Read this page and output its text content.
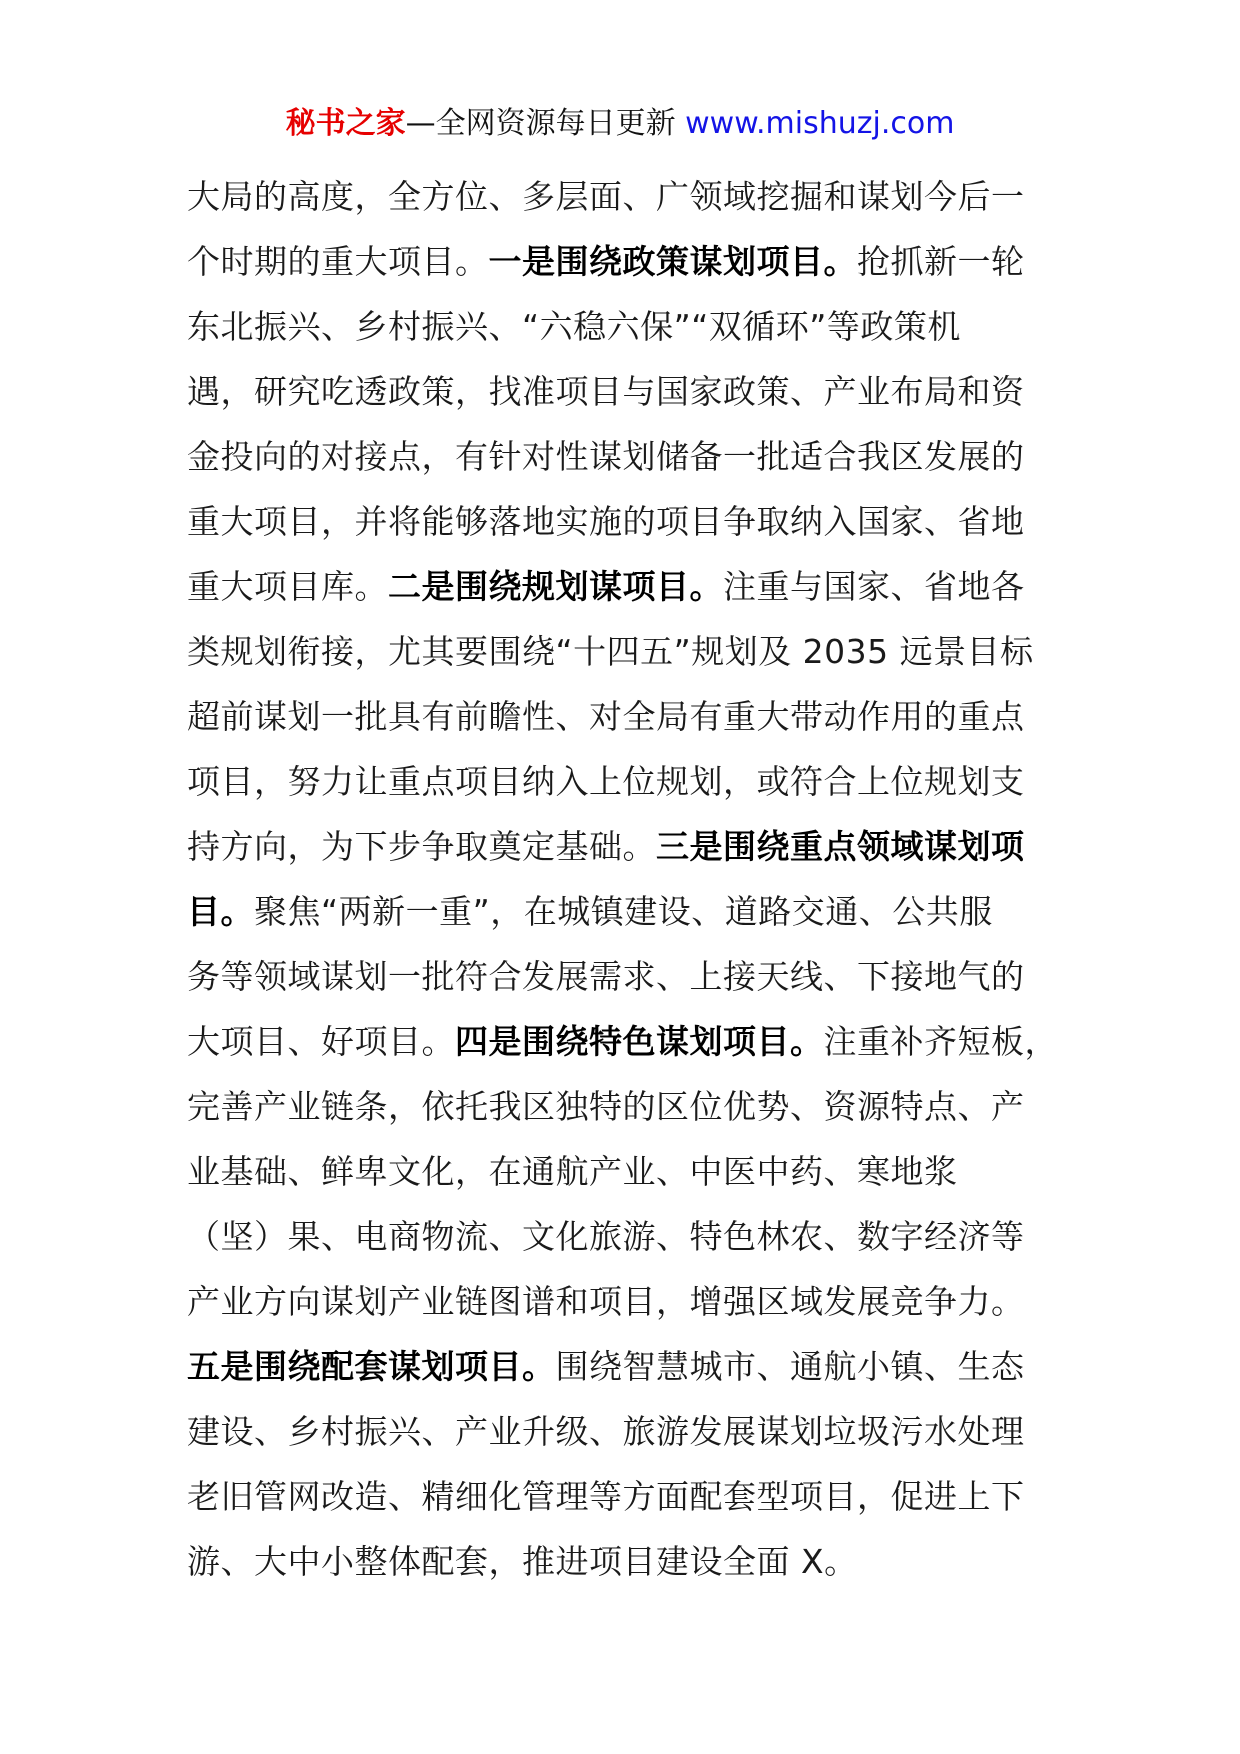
秘书之家—全网资源每日更新 www.mishuzj.com
大局的高度，全方位、多层面、广领域挖掘和谋划今后一
个时期的重大项目。一是围绕政策谋划项目。抢抓新一轮
东北振兴、乡村振兴、“六稳六保”“双循环”等政策机
遇，研究吃透政策，找准项目与国家政策、产业布局和资
金投向的对接点，有针对性谋划储备一批适合我区发展的
重大项目，并将能够落地实施的项目争取纳入国家、省地
重大项目库。二是围绕规划谋项目。注重与国家、省地各
类规划衔接，尤其要围绕“十四五”规划及 2035 远景目标
超前谋划一批具有前瞻性、对全局有重大带动作用的重点
项目，努力让重点项目纳入上位规划，或符合上位规划支
持方向，为下步争取奠定基础。三是围绕重点领域谋划项
目。聚焦“两新一重”，在城镇建设、道路交通、公共服
务等领域谋划一批符合发展需求、上接天线、下接地气的
大项目、好项目。四是围绕特色谋划项目。注重补齐短板，
完善产业链条，依托我区独特的区位优势、资源特点、产
业基础、鲜卑文化，在通航产业、中医中药、寒地浆
（坚）果、电商物流、文化旅游、特色林农、数字经济等
产业方向谋划产业链图谱和项目，增强区域发展竞争力。
五是围绕配套谋划项目。围绕智慧城市、通航小镇、生态
建设、乡村振兴、产业升级、旅游发展谋划垃圾污水处理
老旧管网改造、精细化管理等方面配套型项目，促进上下
游、大中小整体配套，推进项目建设全面 X。
